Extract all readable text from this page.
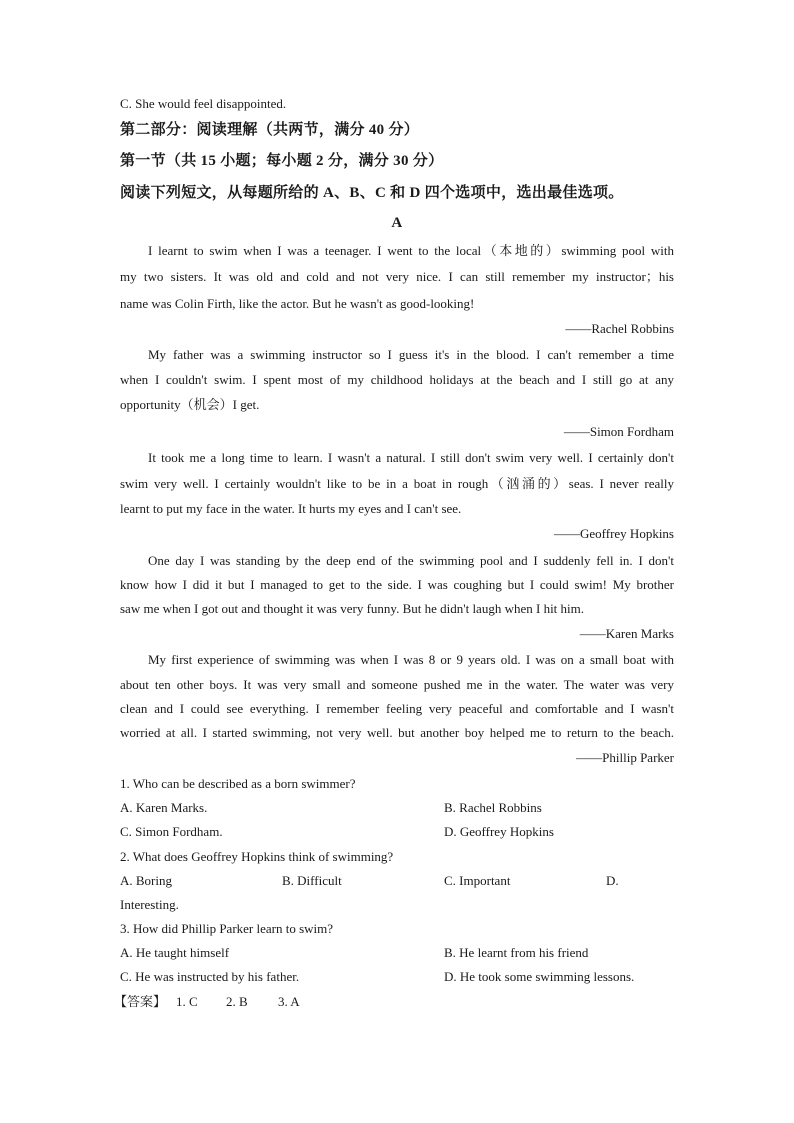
C. She would feel disappointed.
第二部分：阅读理解（共两节，满分 40 分）
第一节（共 15 小题；每小题 2 分，满分 30 分）
阅读下列短文，从每题所给的 A、B、C 和 D 四个选项中，选出最佳选项。
A
I learnt to swim when I was a teenager. I went to the local（本地的）swimming pool with
my two sisters. It was old and cold and not very nice. I can still remember my instructor；his
name was Colin Firth, like the actor. But he wasn't as good-looking!
——Rachel Robbins
My father was a swimming instructor so I guess it's in the blood. I can't remember a time
when I couldn't swim. I spent most of my childhood holidays at the beach and I still go at any
opportunity（机会）I get.
——Simon Fordham
It took me a long time to learn. I wasn't a natural. I still don't swim very well. I certainly don't
swim very well. I certainly wouldn't like to be in a boat in rough（汹涌的）seas. I never really
learnt to put my face in the water. It hurts my eyes and I can't see.
——Geoffrey Hopkins
One day I was standing by the deep end of the swimming pool and I suddenly fell in. I don't
know how I did it but I managed to get to the side. I was coughing but I could swim! My brother
saw me when I got out and thought it was very funny. But he didn't laugh when I hit him.
——Karen Marks
My first experience of swimming was when I was 8 or 9 years old. I was on a small boat with
about ten other boys. It was very small and someone pushed me in the water. The water was very
clean and I could see everything. I remember feeling very peaceful and comfortable and I wasn't
worried at all. I started swimming, not very well. but another boy helped me to return to the beach.
——Phillip Parker
1. Who can be described as a born swimmer?
A. Karen Marks.	B. Rachel Robbins
C. Simon Fordham.	D. Geoffrey Hopkins
2. What does Geoffrey Hopkins think of swimming?
A. Boring	B. Difficult	C. Important	D.
Interesting.
3. How did Phillip Parker learn to swim?
A. He taught himself	B. He learnt from his friend
C. He was instructed by his father.	D. He took some swimming lessons.
【答案】 1. C 2. B 3. A
